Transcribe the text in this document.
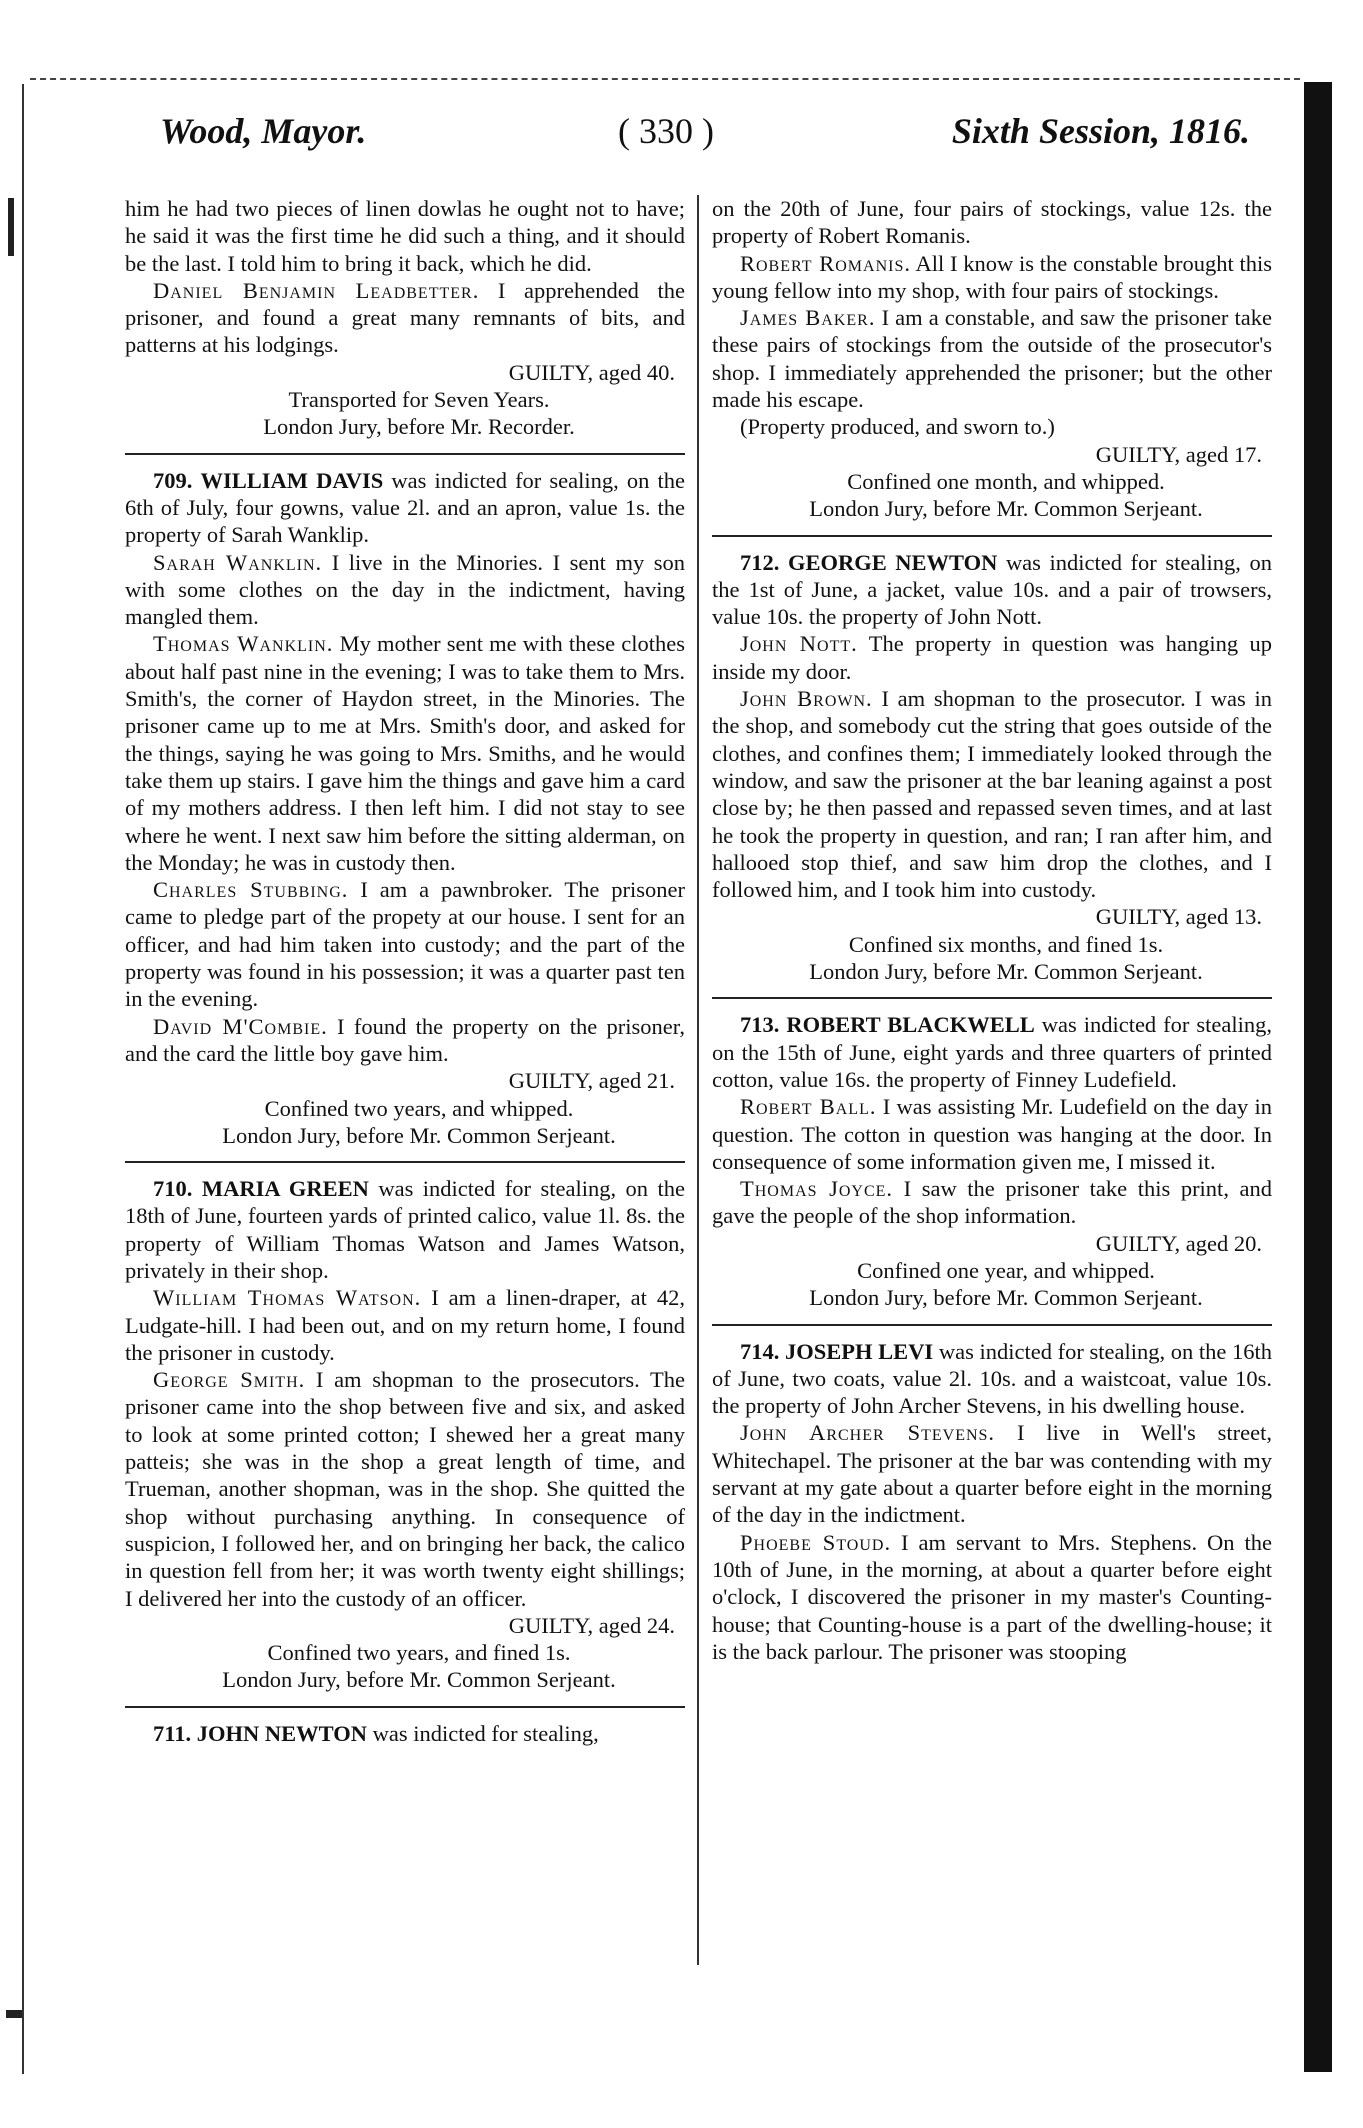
Wood, Mayor.	( 330 )	Sixth Session, 1816.

him he had two pieces of linen dowlas he ought not to have; he said it was the first time he did such a thing, and it should be the last. I told him to bring it back, which he did.

Daniel Benjamin Leadbetter. I apprehended the prisoner, and found a great many remnants of bits, and patterns at his lodgings.

GUILTY, aged 40.

Transported for Seven Years.

London Jury, before Mr. Recorder.

709. WILLIAM DAVIS was indicted for sealing, on the 6th of July, four gowns, value 2l. and an apron, value 1s. the property of Sarah Wanklip.

Sarah Wanklin. I live in the Minories. I sent my son with some clothes on the day in the indictment, having mangled them.

Thomas Wanklin. My mother sent me with these clothes about half past nine in the evening; I was to take them to Mrs. Smith's, the corner of Haydon street, in the Minories. The prisoner came up to me at Mrs. Smith's door, and asked for the things, saying he was going to Mrs. Smiths, and he would take them up stairs. I gave him the things and gave him a card of my mothers address. I then left him. I did not stay to see where he went. I next saw him before the sitting alderman, on the Monday; he was in custody then.

Charles Stubbing. I am a pawnbroker. The prisoner came to pledge part of the propety at our house. I sent for an officer, and had him taken into custody; and the part of the property was found in his possession; it was a quarter past ten in the evening.

David M'Combie. I found the property on the prisoner, and the card the little boy gave him.

GUILTY, aged 21.

Confined two years, and whipped.

London Jury, before Mr. Common Serjeant.

710. MARIA GREEN was indicted for stealing, on the 18th of June, fourteen yards of printed calico, value 1l. 8s. the property of William Thomas Watson and James Watson, privately in their shop.

William Thomas Watson. I am a linen-draper, at 42, Ludgate-hill. I had been out, and on my return home, I found the prisoner in custody.

George Smith. I am shopman to the prosecutors. The prisoner came into the shop between five and six, and asked to look at some printed cotton; I shewed her a great many patteis; she was in the shop a great length of time, and Trueman, another shopman, was in the shop. She quitted the shop without purchasing anything. In consequence of suspicion, I followed her, and on bringing her back, the calico in question fell from her; it was worth twenty eight shillings; I delivered her into the custody of an officer.

GUILTY, aged 24.

Confined two years, and fined 1s.

London Jury, before Mr. Common Serjeant.

711. JOHN NEWTON was indicted for stealing,

on the 20th of June, four pairs of stockings, value 12s. the property of Robert Romanis.

Robert Romanis. All I know is the constable brought this young fellow into my shop, with four pairs of stockings.

James Baker. I am a constable, and saw the prisoner take these pairs of stockings from the outside of the prosecutor's shop. I immediately apprehended the prisoner; but the other made his escape.

(Property produced, and sworn to.)

GUILTY, aged 17.

Confined one month, and whipped.

London Jury, before Mr. Common Serjeant.

712. GEORGE NEWTON was indicted for stealing, on the 1st of June, a jacket, value 10s. and a pair of trowsers, value 10s. the property of John Nott.

John Nott. The property in question was hanging up inside my door.

John Brown. I am shopman to the prosecutor. I was in the shop, and somebody cut the string that goes outside of the clothes, and confines them; I immediately looked through the window, and saw the prisoner at the bar leaning against a post close by; he then passed and repassed seven times, and at last he took the property in question, and ran; I ran after him, and hallooed stop thief, and saw him drop the clothes, and I followed him, and I took him into custody.

GUILTY, aged 13.

Confined six months, and fined 1s.

London Jury, before Mr. Common Serjeant.

713. ROBERT BLACKWELL was indicted for stealing, on the 15th of June, eight yards and three quarters of printed cotton, value 16s. the property of Finney Ludefield.

Robert Ball. I was assisting Mr. Ludefield on the day in question. The cotton in question was hanging at the door. In consequence of some information given me, I missed it.

Thomas Joyce. I saw the prisoner take this print, and gave the people of the shop information.

GUILTY, aged 20.

Confined one year, and whipped.

London Jury, before Mr. Common Serjeant.

714. JOSEPH LEVI was indicted for stealing, on the 16th of June, two coats, value 2l. 10s. and a waistcoat, value 10s. the property of John Archer Stevens, in his dwelling house.

John Archer Stevens. I live in Well's street, Whitechapel. The prisoner at the bar was contending with my servant at my gate about a quarter before eight in the morning of the day in the indictment.

Phoebe Stoud. I am servant to Mrs. Stephens. On the 10th of June, in the morning, at about a quarter before eight o'clock, I discovered the prisoner in my master's Counting-house; that Counting-house is a part of the dwelling-house; it is the back parlour. The prisoner was stooping
